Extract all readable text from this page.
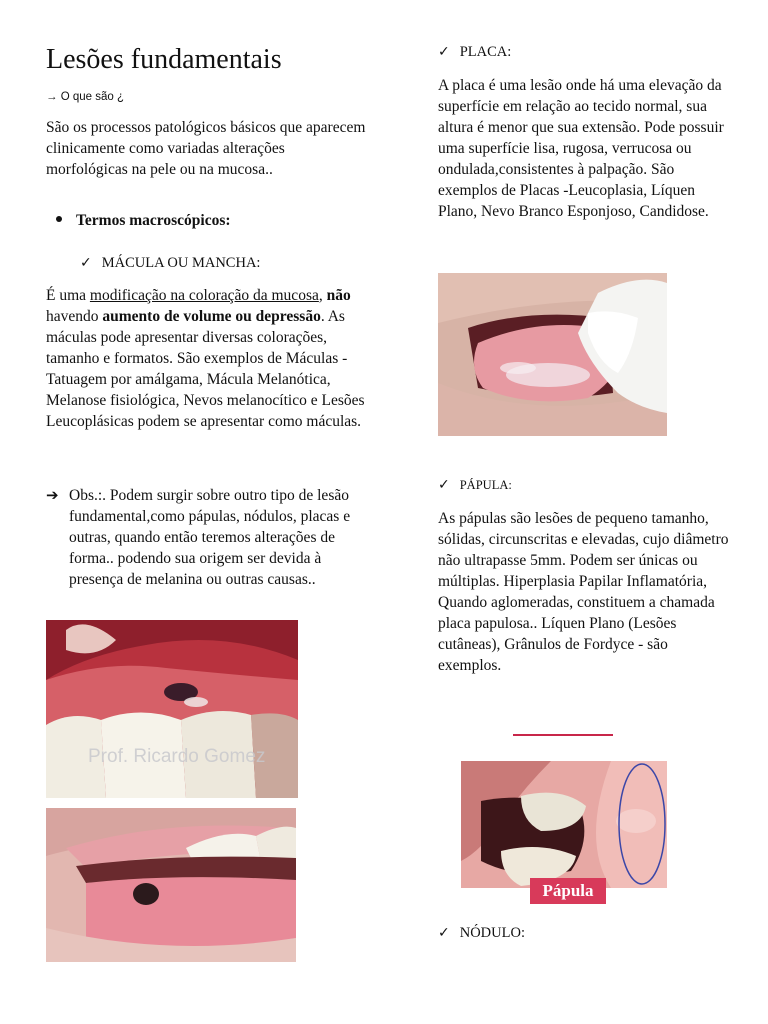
Lesões fundamentais
→ O que são ¿

São os processos patológicos básicos que aparecem clinicamente como variadas alterações morfológicas na pele ou na mucosa..

Termos macroscópicos:
✓ MÁCULA OU MANCHA:

É uma modificação na coloração da mucosa, não havendo aumento de volume ou depressão. As máculas pode apresentar diversas colorações, tamanho e formatos. São exemplos de Máculas - Tatuagem por amálgama, Mácula Melanótica, Melanose fisiológica, Nevos melanocítico e Lesões Leucoplásicas podem se apresentar como máculas.

➔ Obs.:. Podem surgir sobre outro tipo de lesão fundamental,como pápulas, nódulos, placas e outras, quando então teremos alterações de forma.. podendo sua origem ser devida à presença de melanina ou outras causas..
Prof. Ricardo Gomez
✓ PLACA:

A placa é uma lesão onde há uma elevação da superfície em relação ao tecido normal, sua altura é menor que sua extensão. Pode possuir uma superfície lisa, rugosa, verrucosa ou ondulada,consistentes à palpação. São exemplos de Placas -Leucoplasia, Líquen Plano, Nevo Branco Esponjoso, Candidose.

✓ PÁPULA:

As pápulas são lesões de pequeno tamanho, sólidas, circunscritas e elevadas, cujo diâmetro não ultrapasse 5mm. Podem ser únicas ou múltiplas. Hiperplasia Papilar Inflamatória, Quando aglomeradas, constituem a chamada placa papulosa.. Líquen Plano (Lesões cutâneas), Grânulos de Fordyce - são exemplos.

Pápula
✓ NÓDULO:
